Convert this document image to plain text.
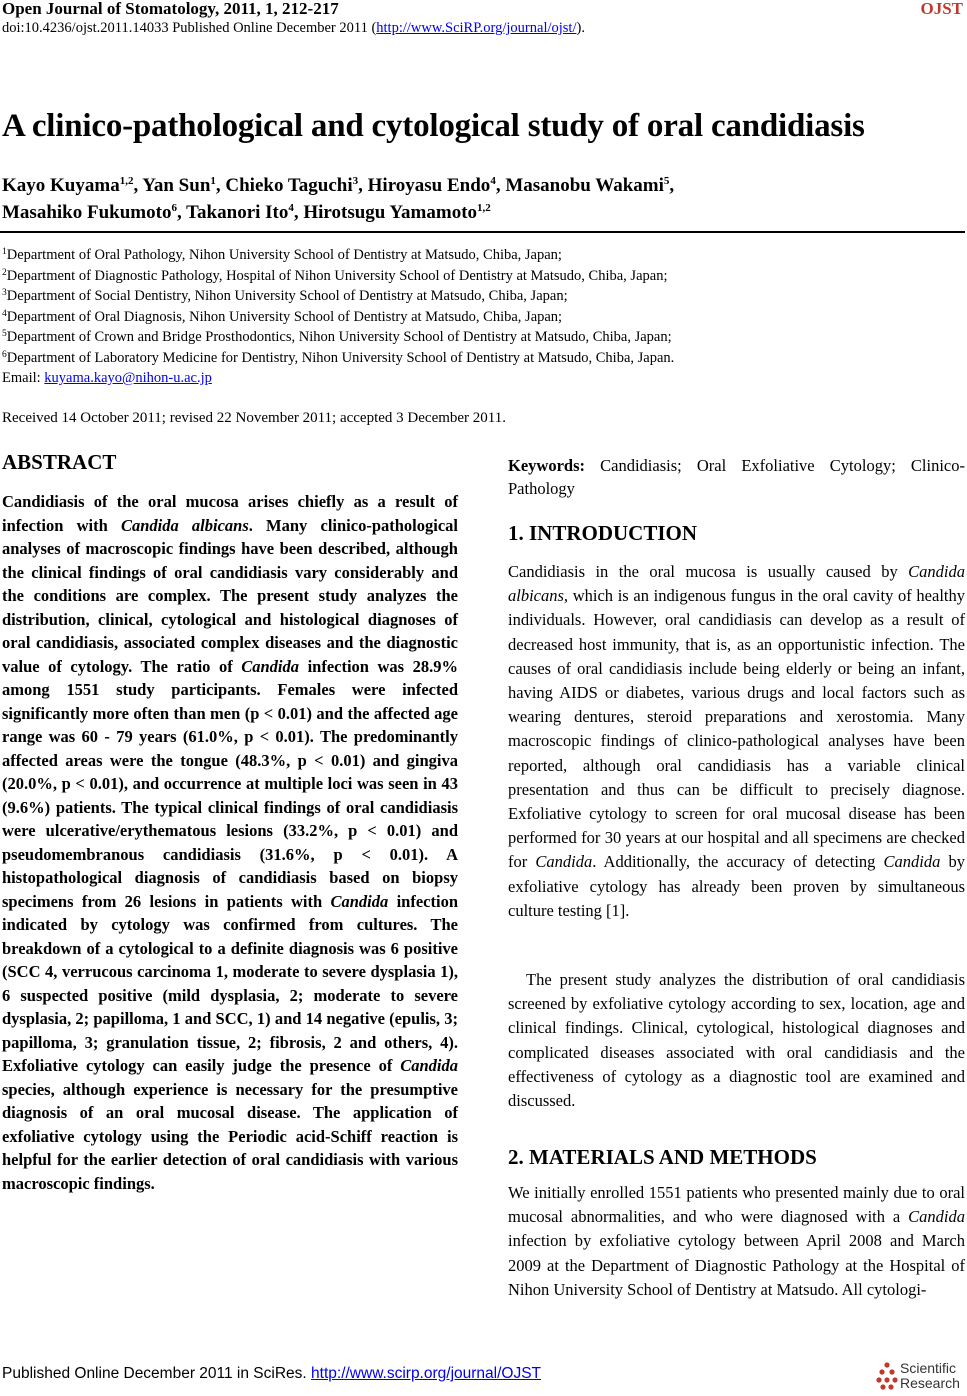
Open Journal of Stomatology, 2011, 1, 212-217	OJST
doi:10.4236/ojst.2011.14033 Published Online December 2011 (http://www.SciRP.org/journal/ojst/).
A clinico-pathological and cytological study of oral candidiasis
Kayo Kuyama$^{1,2}$, Yan Sun$^1$, Chieko Taguchi$^3$, Hiroyasu Endo$^4$, Masanobu Wakami$^5$,
Masahiko Fukumoto$^6$, Takanori Ito$^4$, Hirotsugu Yamamoto$^{1,2}$
$^1$Department of Oral Pathology, Nihon University School of Dentistry at Matsudo, Chiba, Japan;
$^2$Department of Diagnostic Pathology, Hospital of Nihon University School of Dentistry at Matsudo, Chiba, Japan;
$^3$Department of Social Dentistry, Nihon University School of Dentistry at Matsudo, Chiba, Japan;
$^4$Department of Oral Diagnosis, Nihon University School of Dentistry at Matsudo, Chiba, Japan;
$^5$Department of Crown and Bridge Prosthodontics, Nihon University School of Dentistry at Matsudo, Chiba, Japan;
$^6$Department of Laboratory Medicine for Dentistry, Nihon University School of Dentistry at Matsudo, Chiba, Japan.
Email: kuyama.kayo@nihon-u.ac.jp
Received 14 October 2011; revised 22 November 2011; accepted 3 December 2011.
ABSTRACT
Candidiasis of the oral mucosa arises chiefly as a result of infection with Candida albicans. Many clinico-pathological analyses of macroscopic findings have been described, although the clinical findings of oral candidiasis vary considerably and the conditions are complex. The present study analyzes the distribution, clinical, cytological and histological diagnoses of oral candidiasis, associated complex diseases and the diagnostic value of cytology. The ratio of Candida infection was 28.9% among 1551 study participants. Females were infected significantly more often than men (p < 0.01) and the affected age range was 60 - 79 years (61.0%, p < 0.01). The predominantly affected areas were the tongue (48.3%, p < 0.01) and gingiva (20.0%, p < 0.01), and occurrence at multiple loci was seen in 43 (9.6%) patients. The typical clinical findings of oral candidiasis were ulcerative/erythematous lesions (33.2%, p < 0.01) and pseudomembranous candidiasis (31.6%, p < 0.01). A histopathological diagnosis of candidiasis based on biopsy specimens from 26 lesions in patients with Candida infection indicated by cytology was confirmed from cultures. The breakdown of a cytological to a definite diagnosis was 6 positive (SCC 4, verrucous carcinoma 1, moderate to severe dysplasia 1), 6 suspected positive (mild dysplasia, 2; moderate to severe dysplasia, 2; papilloma, 1 and SCC, 1) and 14 negative (epulis, 3; papilloma, 3; granulation tissue, 2; fibrosis, 2 and others, 4). Exfoliative cytology can easily judge the presence of Candida species, although experience is necessary for the presumptive diagnosis of an oral mucosal disease. The application of exfoliative cytology using the Periodic acid-Schiff reaction is helpful for the earlier detection of oral candidiasis with various macroscopic findings.
Keywords: Candidiasis; Oral Exfoliative Cytology; Clinico-Pathology
1. INTRODUCTION
Candidiasis in the oral mucosa is usually caused by Candida albicans, which is an indigenous fungus in the oral cavity of healthy individuals. However, oral candidiasis can develop as a result of decreased host immunity, that is, as an opportunistic infection. The causes of oral candidiasis include being elderly or being an infant, having AIDS or diabetes, various drugs and local factors such as wearing dentures, steroid preparations and xerostomia. Many macroscopic findings of clinico-pathological analyses have been reported, although oral candidiasis has a variable clinical presentation and thus can be difficult to precisely diagnose. Exfoliative cytology to screen for oral mucosal disease has been performed for 30 years at our hospital and all specimens are checked for Candida. Additionally, the accuracy of detecting Candida by exfoliative cytology has already been proven by simultaneous culture testing [1].
The present study analyzes the distribution of oral candidiasis screened by exfoliative cytology according to sex, location, age and clinical findings. Clinical, cytological, histological diagnoses and complicated diseases associated with oral candidiasis and the effectiveness of cytology as a diagnostic tool are examined and discussed.
2. MATERIALS AND METHODS
We initially enrolled 1551 patients who presented mainly due to oral mucosal abnormalities, and who were diagnosed with a Candida infection by exfoliative cytology between April 2008 and March 2009 at the Department of Diagnostic Pathology at the Hospital of Nihon University School of Dentistry at Matsudo. All cytologi-
Published Online December 2011 in SciRes. http://www.scirp.org/journal/OJST	Scientific
Research
